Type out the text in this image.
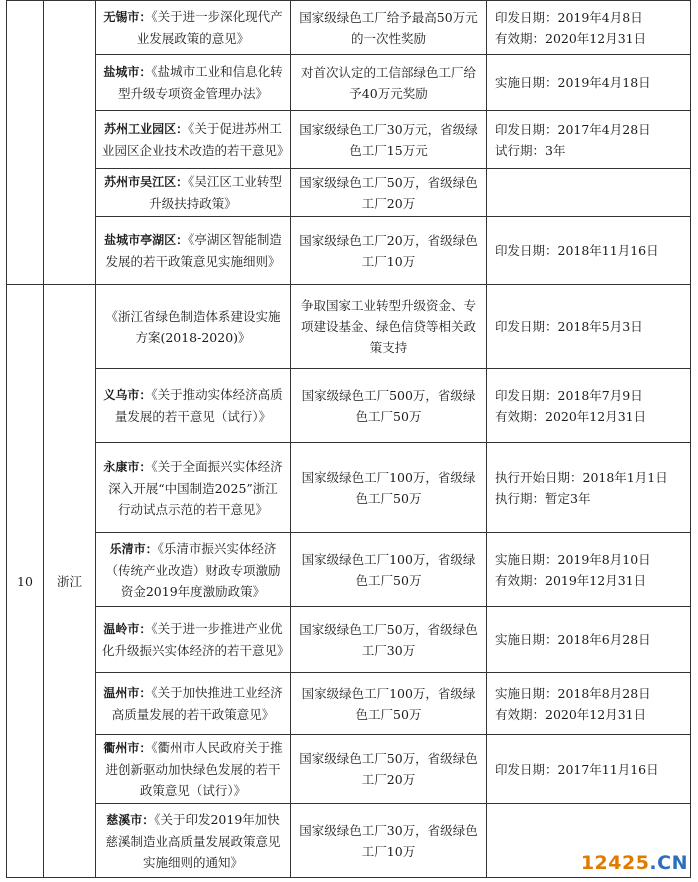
		无锡市：《关于进一步深化现代产业发展政策的意见》	国家级绿色工厂给予最高50万元的一次性奖励	印发日期：2019年4月8日
有效期：2020年12月31日

		盐城市：《盐城市工业和信息化转型升级专项资金管理办法》	对首次认定的工信部绿色工厂给予40万元奖励	实施日期：2019年4月18日

		苏州工业园区：《关于促进苏州工业园区企业技术改造的若干意见》	国家级绿色工厂30万元，省级绿色工厂15万元	印发日期：2017年4月28日
试行期：3年

		苏州市吴江区：《吴江区工业转型升级扶持政策》	国家级绿色工厂50万，省级绿色工厂20万	
		盐城市亭湖区：《亭湖区智能制造发展的若干政策意见实施细则》	国家级绿色工厂20万，省级绿色工厂10万	印发日期：2018年11月16日

10	浙江	《浙江省绿色制造体系建设实施方案(2018-2020)》	争取国家工业转型升级资金、专项建设基金、绿色信贷等相关政策支持	印发日期：2018年5月3日

		义乌市：《关于推动实体经济高质量发展的若干意见（试行）》	国家级绿色工厂500万，省级绿色工厂50万	印发日期：2018年7月9日
有效期：2020年12月31日

		永康市：《关于全面振兴实体经济深入开展“中国制造2025”浙江行动试点示范的若干意见》	国家级绿色工厂100万，省级绿色工厂50万	执行开始日期：2018年1月1日
执行期：暂定3年

		乐清市：《乐清市振兴实体经济（传统产业改造）财政专项激励资金2019年度激励政策》	国家级绿色工厂100万，省级绿色工厂50万	实施日期：2019年8月10日
有效期：2019年12月31日

		温岭市：《关于进一步推进产业优化升级振兴实体经济的若干意见》	国家级绿色工厂50万，省级绿色工厂30万	实施日期：2018年6月28日

		温州市：《关于加快推进工业经济高质量发展的若干政策意见》	国家级绿色工厂100万，省级绿色工厂50万	实施日期：2018年8月28日
有效期：2020年12月31日

		衢州市：《衢州市人民政府关于推进创新驱动加快绿色发展的若干政策意见（试行）》	国家级绿色工厂50万，省级绿色工厂20万	印发日期：2017年11月16日

		慈溪市：《关于印发2019年加快慈溪制造业高质量发展政策意见实施细则的通知》	国家级绿色工厂30万，省级绿色工厂10万	
12425.CN
